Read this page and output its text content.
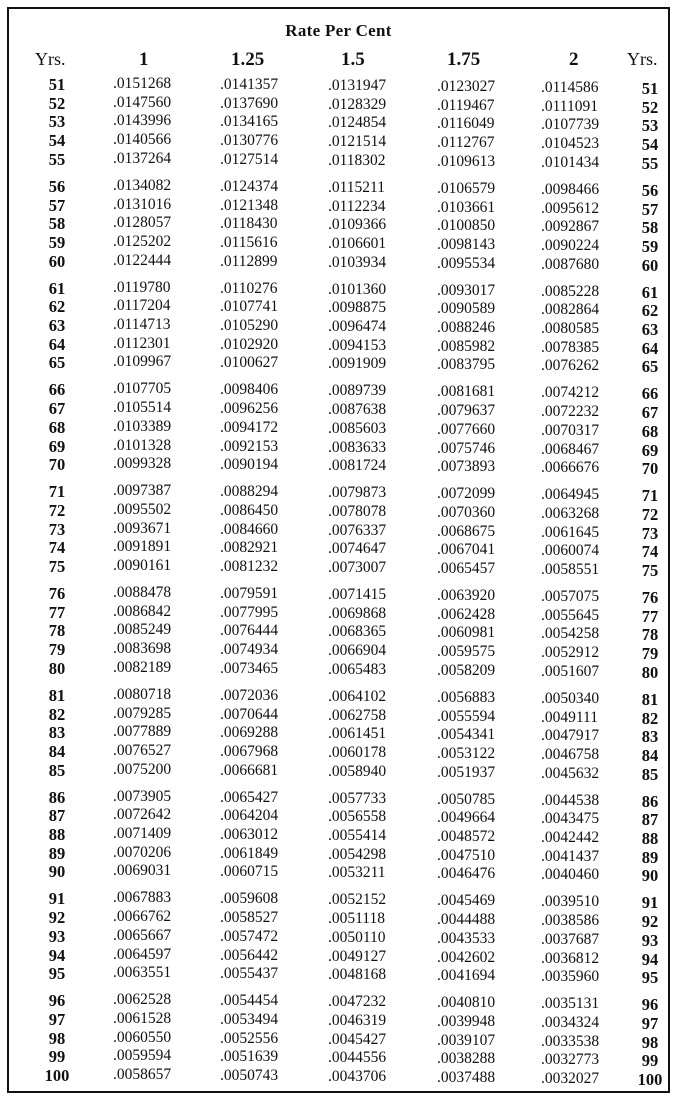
Rate Per Cent
Yrs.	1	1.25	1.5	1.75	2	Yrs.
51	.0151268	.0141357	.0131947	.0123027	.0114586	51
52	.0147560	.0137690	.0128329	.0119467	.0111091	52
53	.0143996	.0134165	.0124854	.0116049	.0107739	53
54	.0140566	.0130776	.0121514	.0112767	.0104523	54
55	.0137264	.0127514	.0118302	.0109613	.0101434	55
56	.0134082	.0124374	.0115211	.0106579	.0098466	56
57	.0131016	.0121348	.0112234	.0103661	.0095612	57
58	.0128057	.0118430	.0109366	.0100850	.0092867	58
59	.0125202	.0115616	.0106601	.0098143	.0090224	59
60	.0122444	.0112899	.0103934	.0095534	.0087680	60
61	.0119780	.0110276	.0101360	.0093017	.0085228	61
62	.0117204	.0107741	.0098875	.0090589	.0082864	62
63	.0114713	.0105290	.0096474	.0088246	.0080585	63
64	.0112301	.0102920	.0094153	.0085982	.0078385	64
65	.0109967	.0100627	.0091909	.0083795	.0076262	65
66	.0107705	.0098406	.0089739	.0081681	.0074212	66
67	.0105514	.0096256	.0087638	.0079637	.0072232	67
68	.0103389	.0094172	.0085603	.0077660	.0070317	68
69	.0101328	.0092153	.0083633	.0075746	.0068467	69
70	.0099328	.0090194	.0081724	.0073893	.0066676	70
71	.0097387	.0088294	.0079873	.0072099	.0064945	71
72	.0095502	.0086450	.0078078	.0070360	.0063268	72
73	.0093671	.0084660	.0076337	.0068675	.0061645	73
74	.0091891	.0082921	.0074647	.0067041	.0060074	74
75	.0090161	.0081232	.0073007	.0065457	.0058551	75
76	.0088478	.0079591	.0071415	.0063920	.0057075	76
77	.0086842	.0077995	.0069868	.0062428	.0055645	77
78	.0085249	.0076444	.0068365	.0060981	.0054258	78
79	.0083698	.0074934	.0066904	.0059575	.0052912	79
80	.0082189	.0073465	.0065483	.0058209	.0051607	80
81	.0080718	.0072036	.0064102	.0056883	.0050340	81
82	.0079285	.0070644	.0062758	.0055594	.0049111	82
83	.0077889	.0069288	.0061451	.0054341	.0047917	83
84	.0076527	.0067968	.0060178	.0053122	.0046758	84
85	.0075200	.0066681	.0058940	.0051937	.0045632	85
86	.0073905	.0065427	.0057733	.0050785	.0044538	86
87	.0072642	.0064204	.0056558	.0049664	.0043475	87
88	.0071409	.0063012	.0055414	.0048572	.0042442	88
89	.0070206	.0061849	.0054298	.0047510	.0041437	89
90	.0069031	.0060715	.0053211	.0046476	.0040460	90
91	.0067883	.0059608	.0052152	.0045469	.0039510	91
92	.0066762	.0058527	.0051118	.0044488	.0038586	92
93	.0065667	.0057472	.0050110	.0043533	.0037687	93
94	.0064597	.0056442	.0049127	.0042602	.0036812	94
95	.0063551	.0055437	.0048168	.0041694	.0035960	95
96	.0062528	.0054454	.0047232	.0040810	.0035131	96
97	.0061528	.0053494	.0046319	.0039948	.0034324	97
98	.0060550	.0052556	.0045427	.0039107	.0033538	98
99	.0059594	.0051639	.0044556	.0038288	.0032773	99
100	.0058657	.0050743	.0043706	.0037488	.0032027	100
